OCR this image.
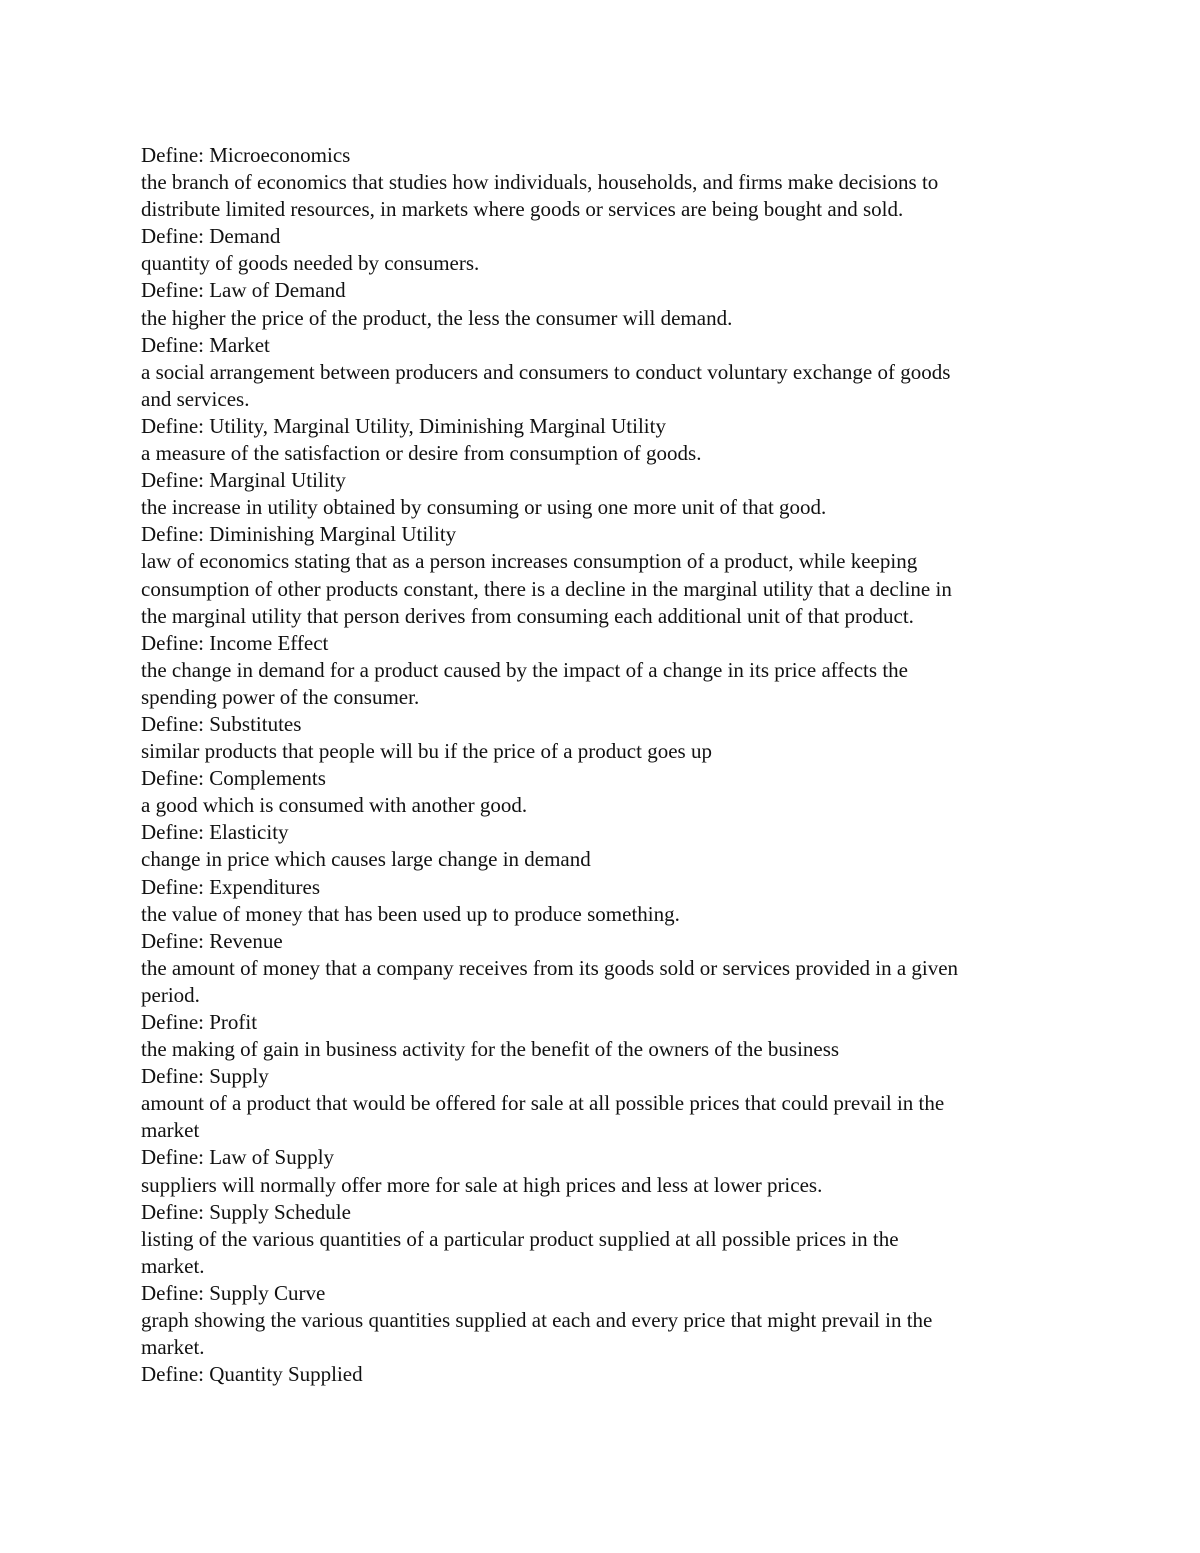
Define: Microeconomics
the branch of economics that studies how individuals, households, and firms make decisions to
distribute limited resources, in markets where goods or services are being bought and sold.
Define: Demand
quantity of goods needed by consumers.
Define: Law of Demand
the higher the price of the product, the less the consumer will demand.
Define: Market
a social arrangement between producers and consumers to conduct voluntary exchange of goods
and services.
Define: Utility, Marginal Utility, Diminishing Marginal Utility
a measure of the satisfaction or desire from consumption of goods.
Define: Marginal Utility
the increase in utility obtained by consuming or using one more unit of that good.
Define: Diminishing Marginal Utility
law of economics stating that as a person increases consumption of a product, while keeping
consumption of other products constant, there is a decline in the marginal utility that a decline in
the marginal utility that person derives from consuming each additional unit of that product.
Define: Income Effect
the change in demand for a product caused by the impact of a change in its price affects the
spending power of the consumer.
Define: Substitutes
similar products that people will bu if the price of a product goes up
Define: Complements
a good which is consumed with another good.
Define: Elasticity
change in price which causes large change in demand
Define: Expenditures
the value of money that has been used up to produce something.
Define: Revenue
the amount of money that a company receives from its goods sold or services provided in a given
period.
Define: Profit
the making of gain in business activity for the benefit of the owners of the business
Define: Supply
amount of a product that would be offered for sale at all possible prices that could prevail in the
market
Define: Law of Supply
suppliers will normally offer more for sale at high prices and less at lower prices.
Define: Supply Schedule
listing of the various quantities of a particular product supplied at all possible prices in the
market.
Define: Supply Curve
graph showing the various quantities supplied at each and every price that might prevail in the
market.
Define: Quantity Supplied
